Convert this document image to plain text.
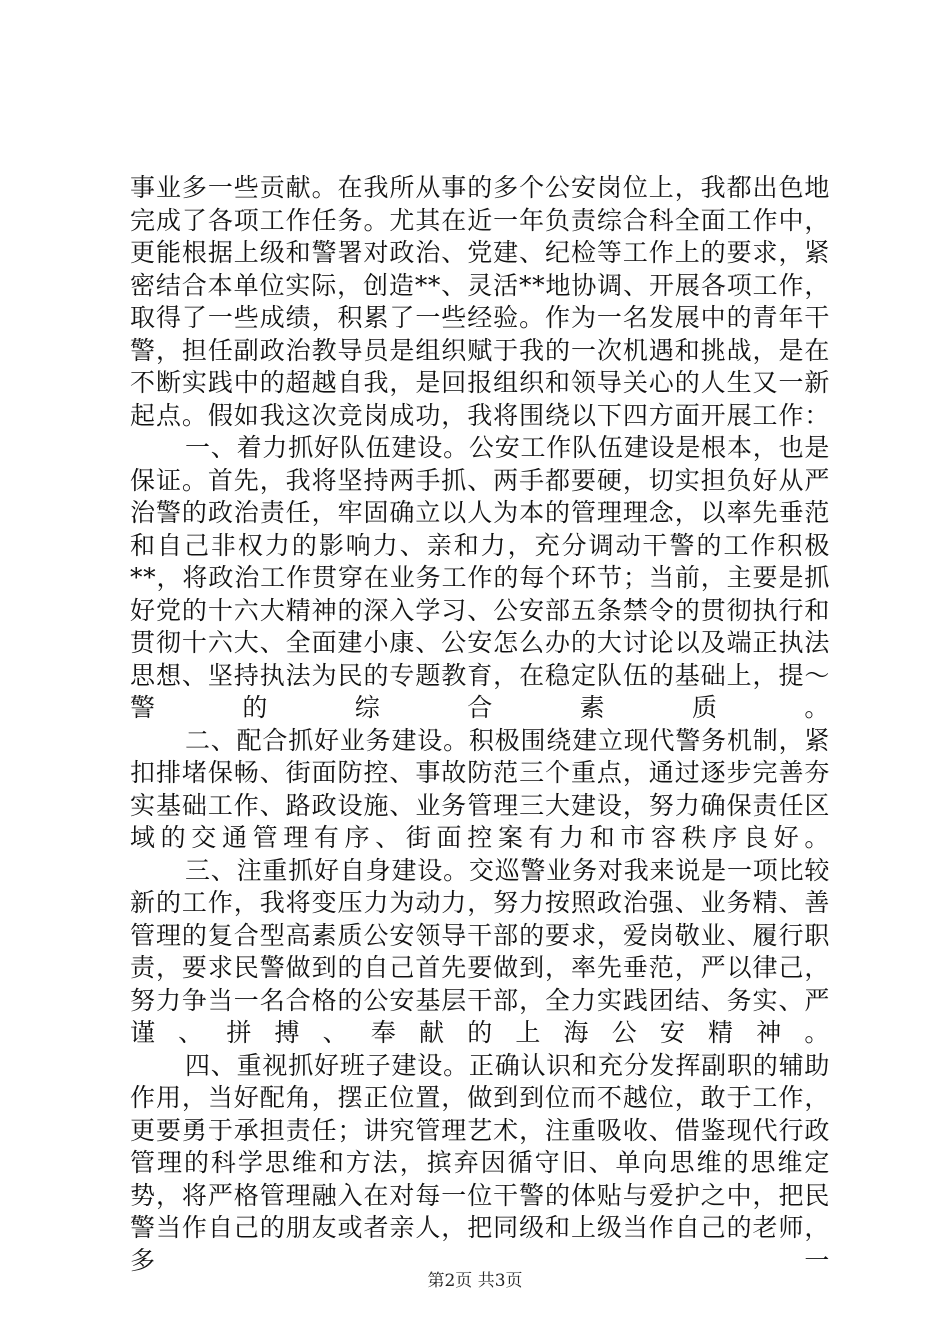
事业多一些贡献。在我所从事的多个公安岗位上，我都出色地完成了各项工作任务。尤其在近一年负责综合科全面工作中，更能根据上级和警署对政治、党建、纪检等工作上的要求，紧密结合本单位实际，创造**、灵活**地协调、开展各项工作，取得了一些成绩，积累了一些经验。作为一名发展中的青年干警，担任副政治教导员是组织赋于我的一次机遇和挑战，是在不断实践中的超越自我，是回报组织和领导关心的人生又一新起点。假如我这次竞岗成功，我将围绕以下四方面开展工作：

一、着力抓好队伍建设。公安工作队伍建设是根本，也是保证。首先，我将坚持两手抓、两手都要硬，切实担负好从严治警的政治责任，牢固确立以人为本的管理理念，以率先垂范和自己非权力的影响力、亲和力，充分调动干警的工作积极**，将政治工作贯穿在业务工作的每个环节；当前，主要是抓好党的十六大精神的深入学习、公安部五条禁令的贯彻执行和贯彻十六大、全面建小康、公安怎么办的大讨论以及端正执法思想、坚持执法为民的专题教育，在稳定队伍的基础上，提～警的综合素质。

二、配合抓好业务建设。积极围绕建立现代警务机制，紧扣排堵保畅、街面防控、事故防范三个重点，通过逐步完善夯实基础工作、路政设施、业务管理三大建设，努力确保责任区域的交通管理有序、街面控案有力和市容秩序良好。

三、注重抓好自身建设。交巡警业务对我来说是一项比较新的工作，我将变压力为动力，努力按照政治强、业务精、善管理的复合型高素质公安领导干部的要求，爱岗敬业、履行职责，要求民警做到的自己首先要做到，率先垂范，严以律己，努力争当一名合格的公安基层干部，全力实践团结、务实、严谨、拼搏、奉献的上海公安精神。

四、重视抓好班子建设。正确认识和充分发挥副职的辅助作用，当好配角，摆正位置，做到到位而不越位，敢于工作，更要勇于承担责任；讲究管理艺术，注重吸收、借鉴现代行政管理的科学思维和方法，摈弃因循守旧、单向思维的思维定势，将严格管理融入在对每一位干警的体贴与爱护之中，把民警当作自己的朋友或者亲人，把同级和上级当作自己的老师，多一

第2页 共3页
